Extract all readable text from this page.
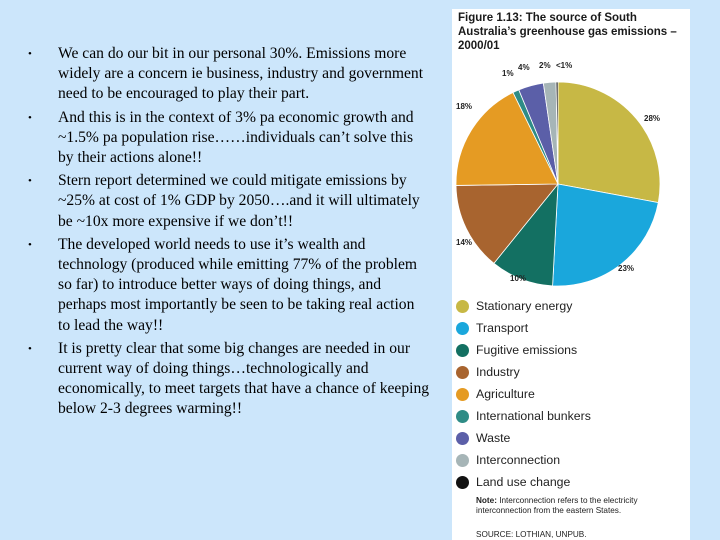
• We can do our bit in our personal 30%. Emissions more widely are a concern ie business, industry and government need to be encouraged to play their part.
• And this is in the context of 3% pa economic growth and ~1.5% pa population rise……individuals can’t solve this by their actions alone!!
• Stern report determined we could mitigate emissions by ~25% at cost of 1% GDP by 2050….and it will ultimately be ~10x more expensive if we don’t!!
• The developed world needs to use it’s wealth and technology (produced while emitting 77% of the problem so far) to introduce better ways of doing things, and perhaps most importantly be seen to be taking real action to lead the way!!
• It is pretty clear that some big changes are needed in our current way of doing things…technologically and economically, to meet targets that have a chance of keeping below 2-3 degrees warming!!
Figure 1.13: The source of South Australia’s greenhouse gas emissions – 2000/01
28%
23%
10%
14%
18%
1%
4% 2% <1%
Stationary energy
Transport
Fugitive emissions
Industry
Agriculture
International bunkers
Waste
Interconnection
Land use change
Note: Interconnection refers to the electricity interconnection from the eastern States.
SOURCE: LOTHIAN, UNPUB.
